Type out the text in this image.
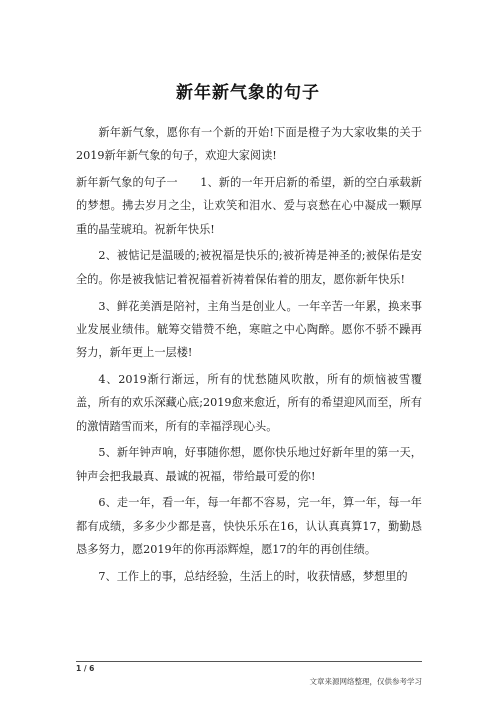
新年新气象的句子

新年新气象，愿你有一个新的开始!下面是橙子为大家收集的关于2019新年新气象的句子，欢迎大家阅读!

新年新气象的句子一　　1、新的一年开启新的希望，新的空白承载新的梦想。拂去岁月之尘，让欢笑和泪水、爱与哀愁在心中凝成一颗厚重的晶莹琥珀。祝新年快乐!

2、被惦记是温暖的;被祝福是快乐的;被祈祷是神圣的;被保佑是安全的。你是被我惦记着祝福着祈祷着保佑着的朋友，愿你新年快乐!

3、鲜花美酒是陪衬，主角当是创业人。一年辛苦一年累，换来事业发展业绩伟。觥筹交错赞不绝，寒暄之中心陶醉。愿你不骄不躁再努力，新年更上一层楼!

4、2019渐行渐远，所有的忧愁随风吹散，所有的烦恼被雪覆盖，所有的欢乐深藏心底;2019愈来愈近，所有的希望迎风而至，所有的激情踏雪而来，所有的幸福浮现心头。

5、新年钟声响，好事随你想，愿你快乐地过好新年里的第一天，钟声会把我最真、最诚的祝福，带给最可爱的你!

6、走一年，看一年，每一年都不容易，完一年，算一年，每一年都有成绩，多多少少都是喜，快快乐乐在16，认认真真算17，勤勤恳恳多努力，愿2019年的你再添辉煌，愿17的年的再创佳绩。

7、工作上的事，总结经验，生活上的时，收获情感，梦想里的

1 / 6
文章来源网络整理，仅供参考学习
